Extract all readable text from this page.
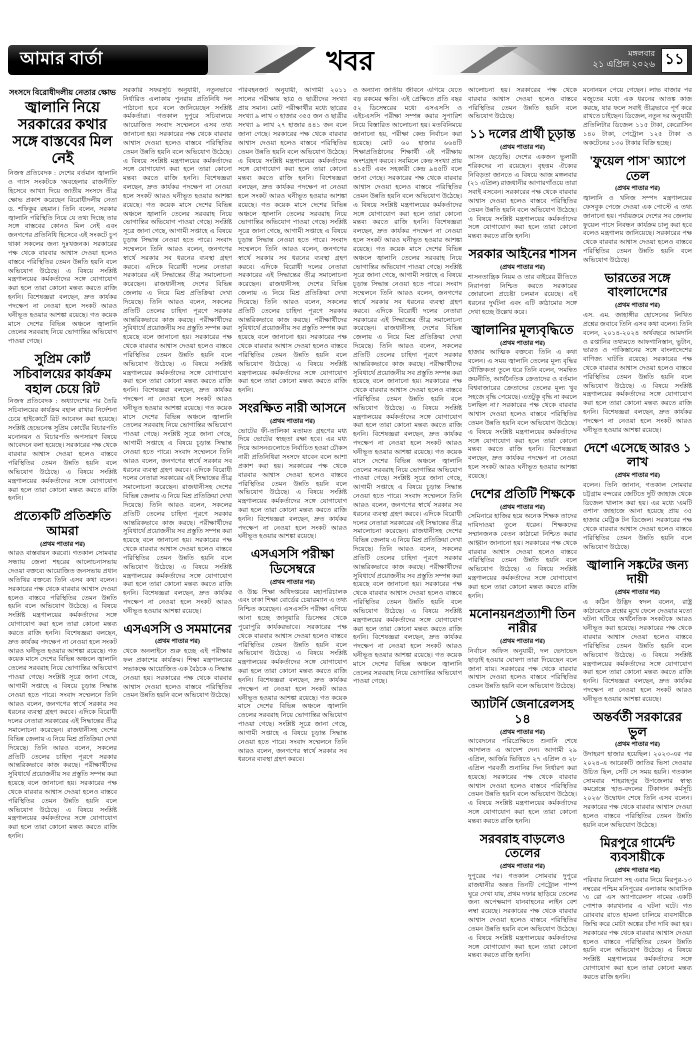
আমার বার্তা	খবর	মঙ্গলবার
২১ এপ্রিল ২০২৬ ১১
সংসদে বিরোধীদলীয় নেতার ক্ষোভ
জ্বালানি নিয়ে সরকারের কথার সঙ্গে বাস্তবের মিল নেই

নিজস্ব প্রতিবেদক : দেশের বর্তমান জ্বালানি ও গ্যাস সংকটকে 'অবহেলার রাজনীতি' হিসেবে আখ্যা দিয়ে জাতীয় সংসদে তীব্র ক্ষোভ প্রকাশ করেছেন বিরোধীদলীয় নেতা ড. শফিকুর রহমান। তিনি বলেন, সরকার জ্বালানি পরিস্থিতি নিয়ে যে তথ্য দিচ্ছে তার সঙ্গে বাস্তবের কোনও মিল নেই এবং জনগণের প্রতিনিধি হিসেবে এই সংকটে চুপ থাকা সকলের জন্য দুঃখজনক। সরকারের পক্ষ থেকে বারবার আশ্বাস দেওয়া হলেও বাস্তবে পরিস্থিতির তেমন উন্নতি হয়নি বলে অভিযোগ উঠেছে। এ বিষয়ে সংশ্লিষ্ট মন্ত্রণালয়ের কর্মকর্তাদের সঙ্গে যোগাযোগ করা হলে তারা কোনো মন্তব্য করতে রাজি হননি। বিশেষজ্ঞরা বলছেন, দ্রুত কার্যকর পদক্ষেপ না নেওয়া হলে সংকট আরও ঘনীভূত হওয়ার আশঙ্কা রয়েছে। গত কয়েক মাসে দেশের বিভিন্ন অঞ্চলে জ্বালানি তেলের সরবরাহ নিয়ে ভোগান্তির অভিযোগ পাওয়া গেছে।

সুপ্রিম কোর্ট সচিবালয়ের কার্যক্রম বহাল চেয়ে রিট

নিজস্ব প্রতিবেদক : অধ্যাদেশের পর তৈরি সচিবালয়ের কার্যক্রম বহাল রাখার নির্দেশনা চেয়ে হাইকোর্টে রিট আবেদন করা হয়েছে। সংশ্লিষ্ট হেভেনেস্ক সুপ্রিম কোর্টের বিচারপতি মনোনয়ন ও বিচারপতি অপসারণ বিষয়ে আবেদনে বলা হয়েছে। সরকারের পক্ষ থেকে বারবার আশ্বাস দেওয়া হলেও বাস্তবে পরিস্থিতির তেমন উন্নতি হয়নি বলে অভিযোগ উঠেছে। এ বিষয়ে সংশ্লিষ্ট মন্ত্রণালয়ের কর্মকর্তাদের সঙ্গে যোগাযোগ করা হলে তারা কোনো মন্তব্য করতে রাজি হননি।

প্রত্যেকটি প্রতিশ্রুতি আমরা
(প্রথম পাতার পর)

আরও বাস্তবায়ন করবো। গতকাল সোমবার সন্ধ্যায় জেলা শহরের আলোচনাসভায় দেওয়া বক্তব্যে আয়োজিত জনসভায় প্রধান অতিথির বক্তব্যে তিনি এসব কথা বলেন। সরকারের পক্ষ থেকে বারবার আশ্বাস দেওয়া হলেও বাস্তবে পরিস্থিতির তেমন উন্নতি হয়নি বলে অভিযোগ উঠেছে। এ বিষয়ে সংশ্লিষ্ট মন্ত্রণালয়ের কর্মকর্তাদের সঙ্গে যোগাযোগ করা হলে তারা কোনো মন্তব্য করতে রাজি হননি। বিশেষজ্ঞরা বলছেন, দ্রুত কার্যকর পদক্ষেপ না নেওয়া হলে সংকট আরও ঘনীভূত হওয়ার আশঙ্কা রয়েছে। গত কয়েক মাসে দেশের বিভিন্ন অঞ্চলে জ্বালানি তেলের সরবরাহ নিয়ে ভোগান্তির অভিযোগ পাওয়া গেছে। সংশ্লিষ্ট সূত্রে জানা গেছে, আগামী সপ্তাহে এ বিষয়ে চূড়ান্ত সিদ্ধান্ত নেওয়া হতে পারে। সংবাদ সম্মেলনে তিনি আরও বলেন, জনগণের স্বার্থে সরকার সব ধরনের ব্যবস্থা গ্রহণ করবে। এদিকে বিরোধী দলের নেতারা সরকারের এই সিদ্ধান্তের তীব্র সমালোচনা করেছেন। রাজধানীসহ দেশের বিভিন্ন জেলায় এ নিয়ে মিশ্র প্রতিক্রিয়া দেখা দিয়েছে। তিনি আরও বলেন, সকলের প্রতিটি তেলের চাহিদা পূরণে সরকার আন্তরিকভাবে কাজ করছে। পরীক্ষার্থীদের সুবিধার্থে প্রয়োজনীয় সব প্রস্তুতি সম্পন্ন করা হয়েছে বলে জানানো হয়। সরকারের পক্ষ থেকে বারবার আশ্বাস দেওয়া হলেও বাস্তবে পরিস্থিতির তেমন উন্নতি হয়নি বলে অভিযোগ উঠেছে। এ বিষয়ে সংশ্লিষ্ট মন্ত্রণালয়ের কর্মকর্তাদের সঙ্গে যোগাযোগ করা হলে তারা কোনো মন্তব্য করতে রাজি হননি।

সরকারি সফরসূচি অনুযায়ী, নতুনভাবে নির্ধারিত এলাকায় পুনরায় প্রতিনিধি দল পাঠানো হবে বলে জানিয়েছেন সংশ্লিষ্ট কর্মকর্তারা। গতকাল দুপুরে সচিবালয়ে আয়োজিত সংবাদ সম্মেলনে এসব তথ্য জানানো হয়। সরকারের পক্ষ থেকে বারবার আশ্বাস দেওয়া হলেও বাস্তবে পরিস্থিতির তেমন উন্নতি হয়নি বলে অভিযোগ উঠেছে। এ বিষয়ে সংশ্লিষ্ট মন্ত্রণালয়ের কর্মকর্তাদের সঙ্গে যোগাযোগ করা হলে তারা কোনো মন্তব্য করতে রাজি হননি। বিশেষজ্ঞরা বলছেন, দ্রুত কার্যকর পদক্ষেপ না নেওয়া হলে সংকট আরও ঘনীভূত হওয়ার আশঙ্কা রয়েছে। গত কয়েক মাসে দেশের বিভিন্ন অঞ্চলে জ্বালানি তেলের সরবরাহ নিয়ে ভোগান্তির অভিযোগ পাওয়া গেছে। সংশ্লিষ্ট সূত্রে জানা গেছে, আগামী সপ্তাহে এ বিষয়ে চূড়ান্ত সিদ্ধান্ত নেওয়া হতে পারে। সংবাদ সম্মেলনে তিনি আরও বলেন, জনগণের স্বার্থে সরকার সব ধরনের ব্যবস্থা গ্রহণ করবে। এদিকে বিরোধী দলের নেতারা সরকারের এই সিদ্ধান্তের তীব্র সমালোচনা করেছেন। রাজধানীসহ দেশের বিভিন্ন জেলায় এ নিয়ে মিশ্র প্রতিক্রিয়া দেখা দিয়েছে। তিনি আরও বলেন, সকলের প্রতিটি তেলের চাহিদা পূরণে সরকার আন্তরিকভাবে কাজ করছে। পরীক্ষার্থীদের সুবিধার্থে প্রয়োজনীয় সব প্রস্তুতি সম্পন্ন করা হয়েছে বলে জানানো হয়। সরকারের পক্ষ থেকে বারবার আশ্বাস দেওয়া হলেও বাস্তবে পরিস্থিতির তেমন উন্নতি হয়নি বলে অভিযোগ উঠেছে। এ বিষয়ে সংশ্লিষ্ট মন্ত্রণালয়ের কর্মকর্তাদের সঙ্গে যোগাযোগ করা হলে তারা কোনো মন্তব্য করতে রাজি হননি। বিশেষজ্ঞরা বলছেন, দ্রুত কার্যকর পদক্ষেপ না নেওয়া হলে সংকট আরও ঘনীভূত হওয়ার আশঙ্কা রয়েছে। গত কয়েক মাসে দেশের বিভিন্ন অঞ্চলে জ্বালানি তেলের সরবরাহ নিয়ে ভোগান্তির অভিযোগ পাওয়া গেছে। সংশ্লিষ্ট সূত্রে জানা গেছে, আগামী সপ্তাহে এ বিষয়ে চূড়ান্ত সিদ্ধান্ত নেওয়া হতে পারে। সংবাদ সম্মেলনে তিনি আরও বলেন, জনগণের স্বার্থে সরকার সব ধরনের ব্যবস্থা গ্রহণ করবে। এদিকে বিরোধী দলের নেতারা সরকারের এই সিদ্ধান্তের তীব্র সমালোচনা করেছেন। রাজধানীসহ দেশের বিভিন্ন জেলায় এ নিয়ে মিশ্র প্রতিক্রিয়া দেখা দিয়েছে। তিনি আরও বলেন, সকলের প্রতিটি তেলের চাহিদা পূরণে সরকার আন্তরিকভাবে কাজ করছে। পরীক্ষার্থীদের সুবিধার্থে প্রয়োজনীয় সব প্রস্তুতি সম্পন্ন করা হয়েছে বলে জানানো হয়। সরকারের পক্ষ থেকে বারবার আশ্বাস দেওয়া হলেও বাস্তবে পরিস্থিতির তেমন উন্নতি হয়নি বলে অভিযোগ উঠেছে। এ বিষয়ে সংশ্লিষ্ট মন্ত্রণালয়ের কর্মকর্তাদের সঙ্গে যোগাযোগ করা হলে তারা কোনো মন্তব্য করতে রাজি হননি। বিশেষজ্ঞরা বলছেন, দ্রুত কার্যকর পদক্ষেপ না নেওয়া হলে সংকট আরও ঘনীভূত হওয়ার আশঙ্কা রয়েছে।

এসএসসি ও সমমানের
(প্রথম পাতার পর)

থেকে অনলাইনে শুরু হচ্ছে এই পরীক্ষার ফল প্রকাশের কার্যক্রম। শিক্ষা মন্ত্রণালয়ের সভাকক্ষে আয়োজিত এক বৈঠকে এ সিদ্ধান্ত নেওয়া হয়। সরকারের পক্ষ থেকে বারবার আশ্বাস দেওয়া হলেও বাস্তবে পরিস্থিতির তেমন উন্নতি হয়নি বলে অভিযোগ উঠেছে।

পরিবহনজট অনুযায়ী, আগামী ২০১১ সালের পরীক্ষায় ছাত্র ও ছাত্রীদের সংখ্যা প্রায় সমান। মোট পরীক্ষার্থীর মধ্যে ছাত্রের সংখ্যা ৯ লাখ ৩ হাজার ৩৫৫ জন ও ছাত্রীর সংখ্যা ৯ লাখ ২৭ হাজার ৪৪১ জন বলে জানা গেছে। সরকারের পক্ষ থেকে বারবার আশ্বাস দেওয়া হলেও বাস্তবে পরিস্থিতির তেমন উন্নতি হয়নি বলে অভিযোগ উঠেছে। এ বিষয়ে সংশ্লিষ্ট মন্ত্রণালয়ের কর্মকর্তাদের সঙ্গে যোগাযোগ করা হলে তারা কোনো মন্তব্য করতে রাজি হননি। বিশেষজ্ঞরা বলছেন, দ্রুত কার্যকর পদক্ষেপ না নেওয়া হলে সংকট আরও ঘনীভূত হওয়ার আশঙ্কা রয়েছে। গত কয়েক মাসে দেশের বিভিন্ন অঞ্চলে জ্বালানি তেলের সরবরাহ নিয়ে ভোগান্তির অভিযোগ পাওয়া গেছে। সংশ্লিষ্ট সূত্রে জানা গেছে, আগামী সপ্তাহে এ বিষয়ে চূড়ান্ত সিদ্ধান্ত নেওয়া হতে পারে। সংবাদ সম্মেলনে তিনি আরও বলেন, জনগণের স্বার্থে সরকার সব ধরনের ব্যবস্থা গ্রহণ করবে। এদিকে বিরোধী দলের নেতারা সরকারের এই সিদ্ধান্তের তীব্র সমালোচনা করেছেন। রাজধানীসহ দেশের বিভিন্ন জেলায় এ নিয়ে মিশ্র প্রতিক্রিয়া দেখা দিয়েছে। তিনি আরও বলেন, সকলের প্রতিটি তেলের চাহিদা পূরণে সরকার আন্তরিকভাবে কাজ করছে। পরীক্ষার্থীদের সুবিধার্থে প্রয়োজনীয় সব প্রস্তুতি সম্পন্ন করা হয়েছে বলে জানানো হয়। সরকারের পক্ষ থেকে বারবার আশ্বাস দেওয়া হলেও বাস্তবে পরিস্থিতির তেমন উন্নতি হয়নি বলে অভিযোগ উঠেছে। এ বিষয়ে সংশ্লিষ্ট মন্ত্রণালয়ের কর্মকর্তাদের সঙ্গে যোগাযোগ করা হলে তারা কোনো মন্তব্য করতে রাজি হননি।

সংরক্ষিত নারী আসনে
(প্রথম পাতার পর)

ভোটের ফী-তালিকা মতামত গ্রহণের মধ্য দিয়ে ভোটের স্বচ্ছতা রক্ষা হবে। এর মধ্য দিয়ে আসনগুলোতে নির্বাচিত হওয়া চৌকস নারী প্রতিনিধিরা সংসদে যাবেন বলে আশা প্রকাশ করা হয়। সরকারের পক্ষ থেকে বারবার আশ্বাস দেওয়া হলেও বাস্তবে পরিস্থিতির তেমন উন্নতি হয়নি বলে অভিযোগ উঠেছে। এ বিষয়ে সংশ্লিষ্ট মন্ত্রণালয়ের কর্মকর্তাদের সঙ্গে যোগাযোগ করা হলে তারা কোনো মন্তব্য করতে রাজি হননি। বিশেষজ্ঞরা বলছেন, দ্রুত কার্যকর পদক্ষেপ না নেওয়া হলে সংকট আরও ঘনীভূত হওয়ার আশঙ্কা রয়েছে।

এসএসসি পরীক্ষা ডিসেম্বরে
(প্রথম পাতার পর)

ও উচ্চ শিক্ষা অধিদপ্তরের মহাপরিচালক এবং ঢাকা শিক্ষা বোর্ডের চেয়ারম্যান এ তথ্য নিশ্চিত করেছেন। এসএসসি পরীক্ষা এগিয়ে আনা হচ্ছে জানুয়ারি ডিসেম্বর থেকে পুরোপুরি কার্যকরভাবে। সরকারের পক্ষ থেকে বারবার আশ্বাস দেওয়া হলেও বাস্তবে পরিস্থিতির তেমন উন্নতি হয়নি বলে অভিযোগ উঠেছে। এ বিষয়ে সংশ্লিষ্ট মন্ত্রণালয়ের কর্মকর্তাদের সঙ্গে যোগাযোগ করা হলে তারা কোনো মন্তব্য করতে রাজি হননি। বিশেষজ্ঞরা বলছেন, দ্রুত কার্যকর পদক্ষেপ না নেওয়া হলে সংকট আরও ঘনীভূত হওয়ার আশঙ্কা রয়েছে। গত কয়েক মাসে দেশের বিভিন্ন অঞ্চলে জ্বালানি তেলের সরবরাহ নিয়ে ভোগান্তির অভিযোগ পাওয়া গেছে। সংশ্লিষ্ট সূত্রে জানা গেছে, আগামী সপ্তাহে এ বিষয়ে চূড়ান্ত সিদ্ধান্ত নেওয়া হতে পারে। সংবাদ সম্মেলনে তিনি আরও বলেন, জনগণের স্বার্থে সরকার সব ধরনের ব্যবস্থা গ্রহণ করবে।

ও অন্যান্য জাতীয় জীবনে এগিয়ে যেতে বড় রকমের ক্ষতি। এই প্রেক্ষিতে প্রতি বছর ৫২ ডিসেম্বরের মধ্যে এসএসসি ও এইচএসসি পরীক্ষা সম্পন্ন করার সুপারিশ নিয়ে বিস্তারিত আলোচনা হয়। মতবিনিময়ে জানানো হয়, পরীক্ষা কেন্দ্র নির্বাচন করা হয়েছে। মোট ৬০ হাজার ৬৬৪টি শিক্ষাপ্রতিষ্ঠানের শিক্ষার্থী এই পরীক্ষায় অংশগ্রহণ করবে। সবমিলে কেন্দ্র সংখ্যা প্রায় ৪১৫টি এবং সহকারী কেন্দ্র ৯৪৫টি বলে জানা গেছে। সরকারের পক্ষ থেকে বারবার আশ্বাস দেওয়া হলেও বাস্তবে পরিস্থিতির তেমন উন্নতি হয়নি বলে অভিযোগ উঠেছে। এ বিষয়ে সংশ্লিষ্ট মন্ত্রণালয়ের কর্মকর্তাদের সঙ্গে যোগাযোগ করা হলে তারা কোনো মন্তব্য করতে রাজি হননি। বিশেষজ্ঞরা বলছেন, দ্রুত কার্যকর পদক্ষেপ না নেওয়া হলে সংকট আরও ঘনীভূত হওয়ার আশঙ্কা রয়েছে। গত কয়েক মাসে দেশের বিভিন্ন অঞ্চলে জ্বালানি তেলের সরবরাহ নিয়ে ভোগান্তির অভিযোগ পাওয়া গেছে। সংশ্লিষ্ট সূত্রে জানা গেছে, আগামী সপ্তাহে এ বিষয়ে চূড়ান্ত সিদ্ধান্ত নেওয়া হতে পারে। সংবাদ সম্মেলনে তিনি আরও বলেন, জনগণের স্বার্থে সরকার সব ধরনের ব্যবস্থা গ্রহণ করবে। এদিকে বিরোধী দলের নেতারা সরকারের এই সিদ্ধান্তের তীব্র সমালোচনা করেছেন। রাজধানীসহ দেশের বিভিন্ন জেলায় এ নিয়ে মিশ্র প্রতিক্রিয়া দেখা দিয়েছে। তিনি আরও বলেন, সকলের প্রতিটি তেলের চাহিদা পূরণে সরকার আন্তরিকভাবে কাজ করছে। পরীক্ষার্থীদের সুবিধার্থে প্রয়োজনীয় সব প্রস্তুতি সম্পন্ন করা হয়েছে বলে জানানো হয়। সরকারের পক্ষ থেকে বারবার আশ্বাস দেওয়া হলেও বাস্তবে পরিস্থিতির তেমন উন্নতি হয়নি বলে অভিযোগ উঠেছে। এ বিষয়ে সংশ্লিষ্ট মন্ত্রণালয়ের কর্মকর্তাদের সঙ্গে যোগাযোগ করা হলে তারা কোনো মন্তব্য করতে রাজি হননি। বিশেষজ্ঞরা বলছেন, দ্রুত কার্যকর পদক্ষেপ না নেওয়া হলে সংকট আরও ঘনীভূত হওয়ার আশঙ্কা রয়েছে। গত কয়েক মাসে দেশের বিভিন্ন অঞ্চলে জ্বালানি তেলের সরবরাহ নিয়ে ভোগান্তির অভিযোগ পাওয়া গেছে। সংশ্লিষ্ট সূত্রে জানা গেছে, আগামী সপ্তাহে এ বিষয়ে চূড়ান্ত সিদ্ধান্ত নেওয়া হতে পারে। সংবাদ সম্মেলনে তিনি আরও বলেন, জনগণের স্বার্থে সরকার সব ধরনের ব্যবস্থা গ্রহণ করবে। এদিকে বিরোধী দলের নেতারা সরকারের এই সিদ্ধান্তের তীব্র সমালোচনা করেছেন। রাজধানীসহ দেশের বিভিন্ন জেলায় এ নিয়ে মিশ্র প্রতিক্রিয়া দেখা দিয়েছে। তিনি আরও বলেন, সকলের প্রতিটি তেলের চাহিদা পূরণে সরকার আন্তরিকভাবে কাজ করছে। পরীক্ষার্থীদের সুবিধার্থে প্রয়োজনীয় সব প্রস্তুতি সম্পন্ন করা হয়েছে বলে জানানো হয়। সরকারের পক্ষ থেকে বারবার আশ্বাস দেওয়া হলেও বাস্তবে পরিস্থিতির তেমন উন্নতি হয়নি বলে অভিযোগ উঠেছে। এ বিষয়ে সংশ্লিষ্ট মন্ত্রণালয়ের কর্মকর্তাদের সঙ্গে যোগাযোগ করা হলে তারা কোনো মন্তব্য করতে রাজি হননি। বিশেষজ্ঞরা বলছেন, দ্রুত কার্যকর পদক্ষেপ না নেওয়া হলে সংকট আরও ঘনীভূত হওয়ার আশঙ্কা রয়েছে। গত কয়েক মাসে দেশের বিভিন্ন অঞ্চলে জ্বালানি তেলের সরবরাহ নিয়ে ভোগান্তির অভিযোগ পাওয়া গেছে।

আলোচনা হয়। সরকারের পক্ষ থেকে বারবার আশ্বাস দেওয়া হলেও বাস্তবে পরিস্থিতির তেমন উন্নতি হয়নি বলে অভিযোগ উঠেছে।

১১ দলের প্রার্থী চূড়ান্ত
(প্রথম পাতার পর)

আসন ছেড়েছি। দেশের একজন ভুলারী শরিকদের না রয়েছেন। বৃহত্তম ঐক্যের নিবিড়তা জানতে এ বিষয়ে আজ মঙ্গলবার (২১ এপ্রিল) রাজধানীর আগারগাঁওয়ে তারা সবাই বসবেন। সরকারের পক্ষ থেকে বারবার আশ্বাস দেওয়া হলেও বাস্তবে পরিস্থিতির তেমন উন্নতি হয়নি বলে অভিযোগ উঠেছে। এ বিষয়ে সংশ্লিষ্ট মন্ত্রণালয়ের কর্মকর্তাদের সঙ্গে যোগাযোগ করা হলে তারা কোনো মন্তব্য করতে রাজি হননি।

সরকার আইনের শাসন
(প্রথম পাতার পর)

শাসনতান্ত্রিক নিয়ম ও তার বাইরের রীতিতে নিরাপত্তা নিশ্চিত করতে সরকারের জোরালো প্রচেষ্টা চলমান রয়েছে। এই ধরনের দুর্ঘটনা এবং এটি কাঠামোর সঙ্গে দেখা হচ্ছে উল্লেখ করে।

জ্বালানির মূল্যবৃদ্ধিতে
(প্রথম পাতার পর)

হাজার আত্মিক বক্তব্যে তিনি এ কথা বলেন। এ সময় জ্বালানি তেলের মূল্য বৃদ্ধির যৌক্তিকতা তুলে ধরে তিনি বলেন, 'সমন্বিত ক্রয়নীতি, আর্থনৈতিক ক্রেতাদের ও বর্তমান বিশ্ববাজারের ক্রেতাদের তেলের মূল্য খুব সহজে বৃদ্ধি পেয়েছে। এতটুকু বৃদ্ধি না করলে চলছিল না।' সরকারের পক্ষ থেকে বারবার আশ্বাস দেওয়া হলেও বাস্তবে পরিস্থিতির তেমন উন্নতি হয়নি বলে অভিযোগ উঠেছে। এ বিষয়ে সংশ্লিষ্ট মন্ত্রণালয়ের কর্মকর্তাদের সঙ্গে যোগাযোগ করা হলে তারা কোনো মন্তব্য করতে রাজি হননি। বিশেষজ্ঞরা বলছেন, দ্রুত কার্যকর পদক্ষেপ না নেওয়া হলে সংকট আরও ঘনীভূত হওয়ার আশঙ্কা রয়েছে।

দেশের প্রতিটি শিক্ষকে
(প্রথম পাতার পর)

সেমিনারে হাজির হয়ে অনেক শিক্ষক তাদের দাবিদাওয়া তুলে ধরেন। শিক্ষকদের সম্মানজনক বেতন কাঠামো নিশ্চিত করার আহ্বান জানানো হয়। সরকারের পক্ষ থেকে বারবার আশ্বাস দেওয়া হলেও বাস্তবে পরিস্থিতির তেমন উন্নতি হয়নি বলে অভিযোগ উঠেছে। এ বিষয়ে সংশ্লিষ্ট মন্ত্রণালয়ের কর্মকর্তাদের সঙ্গে যোগাযোগ করা হলে তারা কোনো মন্তব্য করতে রাজি হননি।

মনোনয়নপ্রত্যাশী তিন নারীর
(প্রথম পাতার পর)

নির্বাচন অফিস অনুযায়ী, দল ভেদাভেদ ছাড়াই হওয়ার ঘোষণা তারা দিয়েছেন বলে জানা যায়। সরকারের পক্ষ থেকে বারবার আশ্বাস দেওয়া হলেও বাস্তবে পরিস্থিতির তেমন উন্নতি হয়নি বলে অভিযোগ উঠেছে।

অ্যাটর্নি জেনারেলসহ ১৪
(প্রথম পাতার পর)

আবেদনের পরিপ্রেক্ষিতে শুনানি শেষে আদালত এ আদেশ দেন। আগামী ২৯ এপ্রিল, আর্জির ভিত্তিতে ২৭ এপ্রিল ও ২৮ এপ্রিল পরবর্তী শুনানির দিন নির্ধারণ করা হয়েছে। সরকারের পক্ষ থেকে বারবার আশ্বাস দেওয়া হলেও বাস্তবে পরিস্থিতির তেমন উন্নতি হয়নি বলে অভিযোগ উঠেছে। এ বিষয়ে সংশ্লিষ্ট মন্ত্রণালয়ের কর্মকর্তাদের সঙ্গে যোগাযোগ করা হলে তারা কোনো মন্তব্য করতে রাজি হননি।

সরবরাহ বাড়লেও তেলের
(প্রথম পাতার পর)

দুপুরের পর। গতকাল সোমবার দুপুরে রাজধানীর অন্তত তিনটি পেট্রোল পাম্প ঘুরে দেখা যায়, প্রথম দফার ছাড়িয়ে তেলের জন্য অপেক্ষমাণ যানবাহনের লাইন বেশ লম্বা রয়েছে। সরকারের পক্ষ থেকে বারবার আশ্বাস দেওয়া হলেও বাস্তবে পরিস্থিতির তেমন উন্নতি হয়নি বলে অভিযোগ উঠেছে। এ বিষয়ে সংশ্লিষ্ট মন্ত্রণালয়ের কর্মকর্তাদের সঙ্গে যোগাযোগ করা হলে তারা কোনো মন্তব্য করতে রাজি হননি।

মনোনয়ন পেয়ে গেছেন। লাভ বাজার পর মজুতের মধ্যে এক ধরনের আতঙ্ক কাজ করছে, যার ফলে সবাই তীব্রভাবে পূর্ণ করে রাখতে চাইছেন। ডিজেল, নতুন দর অনুযায়ী প্রতিলিটার ডিজেল ১১৫ টাকা, কেরোসিন ১৪০ টাকা, পেট্রোল ১২৫ টাকা ও অকটেনের ১৩০ টাকার বিক্রি হচ্ছে।

'ফুয়েল পাস' অ্যাপে তেল
(প্রথম পাতার পর)

জ্বালানি ও খনিজ সম্পদ মন্ত্রণালয়ের ফেসবুক পেজে দেওয়া এক পোস্টে এ তথ্য জানানো হয়। পর্যায়ক্রমে দেশের সব জেলায় ফুয়েল পাসে নিবন্ধন কার্যক্রম চালু করা হবে বলেও মন্ত্রণালয় জানিয়েছে। সরকারের পক্ষ থেকে বারবার আশ্বাস দেওয়া হলেও বাস্তবে পরিস্থিতির তেমন উন্নতি হয়নি বলে অভিযোগ উঠেছে।

ভারতের সঙ্গে বাংলাদেশের
(প্রথম পাতার পর)

এস. এম. জাহাঙ্গীর হোসেনের লিখিত প্রশ্নের জবাবে তিনি এসব কথা বলেন। তিনি বলেন, ২০১৪-২০২৪ অর্থবছরে আমদানি ও রপ্তানির তথ্যমতে আফগানিস্তান, ভুটান, ভারত ও পাকিস্তানের সঙ্গে বাংলাদেশের বাণিজ্য ঘাটতি রয়েছে। সরকারের পক্ষ থেকে বারবার আশ্বাস দেওয়া হলেও বাস্তবে পরিস্থিতির তেমন উন্নতি হয়নি বলে অভিযোগ উঠেছে। এ বিষয়ে সংশ্লিষ্ট মন্ত্রণালয়ের কর্মকর্তাদের সঙ্গে যোগাযোগ করা হলে তারা কোনো মন্তব্য করতে রাজি হননি। বিশেষজ্ঞরা বলছেন, দ্রুত কার্যকর পদক্ষেপ না নেওয়া হলে সংকট আরও ঘনীভূত হওয়ার আশঙ্কা রয়েছে।

দেশে এসেছে আরও ১ লাখ
(প্রথম পাতার পর)

বলেন। তিনি জানান, গতকাল সোমবার চট্টগ্রাম বন্দরের জেটিতে দুটি জাহাজ থেকে ডিজেল খালাস করা হয়। এর মধ্যে 'এমটি ওশান' জাহাজে আনা হয়েছে প্রায় ৩৫ হাজার মেট্রিক টন ডিজেল। সরকারের পক্ষ থেকে বারবার আশ্বাস দেওয়া হলেও বাস্তবে পরিস্থিতির তেমন উন্নতি হয়নি বলে অভিযোগ উঠেছে।

জ্বালানি সঙ্কটের জন্য দায়ী
(প্রথম পাতার পর)

এ কঠিন উদ্ভিদ স্বদল বলেন, রাষ্ট্র কাঠামোকে প্রশ্নের মুখে ফেলে দেওয়ার মতো ঘটনা ঘটিয়ে অর্থনৈতিক সংকটকে আরও ঘনীভূত করা হয়েছে। সরকারের পক্ষ থেকে বারবার আশ্বাস দেওয়া হলেও বাস্তবে পরিস্থিতির তেমন উন্নতি হয়নি বলে অভিযোগ উঠেছে। এ বিষয়ে সংশ্লিষ্ট মন্ত্রণালয়ের কর্মকর্তাদের সঙ্গে যোগাযোগ করা হলে তারা কোনো মন্তব্য করতে রাজি হননি। বিশেষজ্ঞরা বলছেন, দ্রুত কার্যকর পদক্ষেপ না নেওয়া হলে সংকট আরও ঘনীভূত হওয়ার আশঙ্কা রয়েছে।

অন্তর্বর্তী সরকারের ভুল
(প্রথম পাতার পর)

উদাহরণ হাজার হয়েছিল। ২০২৩-এর পর ২০২৪-এ আরেকটি জাতির ভিসা দেওয়ার উচিত ছিল, সেটি সে সময় হয়নি। গতকাল সোমবার শাহরাহপুর উপজেলার স্বাস্থ্য কমপ্লেক্সে 'হাত-বদলের টিকাদান কর্মসূচি ২০২৬' উদ্বোধন শেষে তিনি এসব বলেন। সরকারের পক্ষ থেকে বারবার আশ্বাস দেওয়া হলেও বাস্তবে পরিস্থিতির তেমন উন্নতি হয়নি বলে অভিযোগ উঠেছে।

মিরপুরে গার্মেন্ট ব্যবসায়ীকে
(প্রথম পাতার পর)

পরিবার নিয়োগ সহ এবার নিয়ে মিরপুর-১৩ নম্বরের পশ্চিম মনিপুরের এলাকায় আবাসিক 'এ রো এস অ্যাপারেলস' নামের একটি পোশাক কারখানার এ ঘটনা ঘটে। গত রোববার রাতে হামলা চালিয়ে ব্যবসায়ীকে জিম্মি করে মোটা অঙ্কের চাঁদা দাবি করা হয়। সরকারের পক্ষ থেকে বারবার আশ্বাস দেওয়া হলেও বাস্তবে পরিস্থিতির তেমন উন্নতি হয়নি বলে অভিযোগ উঠেছে। এ বিষয়ে সংশ্লিষ্ট মন্ত্রণালয়ের কর্মকর্তাদের সঙ্গে যোগাযোগ করা হলে তারা কোনো মন্তব্য করতে রাজি হননি।
